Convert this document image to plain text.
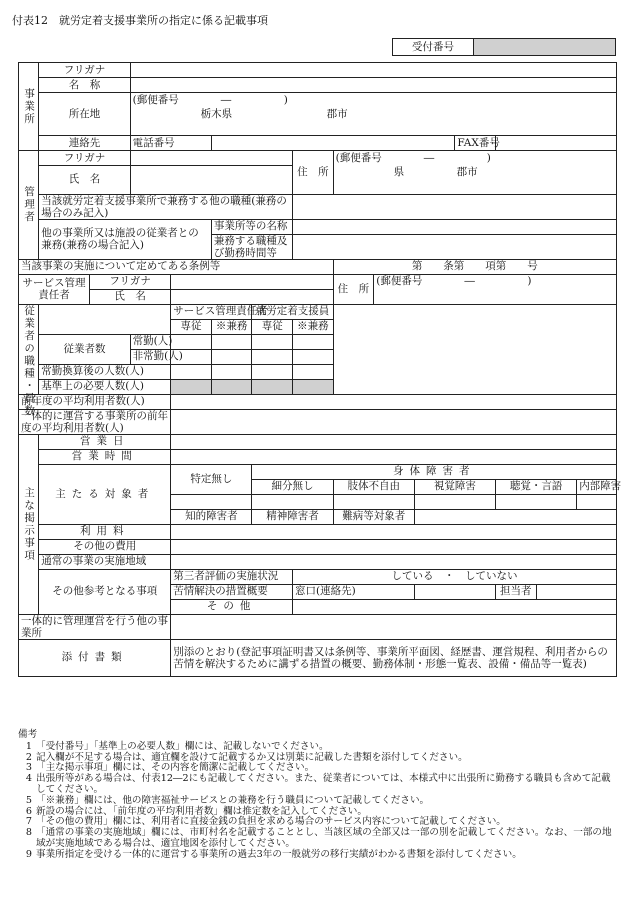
付表12　就労定着支援事業所の指定に係る記載事項
受付番号
事業所	フリガナ													
	名　称													
	所在地		(郵便番号　　　　―　　　　　)											
			栃木県　　　　　　　　　郡市											

	連絡先		電話番号								FAX番号			
管理者	フリガナ						住　所	(郵便番号　　　　―　　　　　)						
	氏　名							県　　　　　郡市						

	当該就労定着支援事業所で兼務する他の職種(兼務の場合のみ記入)													

	他の事業所又は施設の従業者との兼務(兼務の場合記入)				事業所等の名称									
					兼務する職種及び勤務時間等									
当該事業の実施について定めてある条例等								第　　条第　　項第　　号						
サービス管理責任者		フリガナ						住　所	(郵便番号　　　　―　　　　　)					
		氏　名												
従業者の職種・員数				サービス管理責任者		就労定着支援員								
				専従	※兼務	専従	※兼務							
	従業者数		常勤(人)											
			非常勤(人)											
	常勤換算後の人数(人)													
	基準上の必要人数(人)													
前年度の平均利用者数(人)														
一体的に運営する事業所の前年度の平均利用者数(人)														
主な掲示事項	営業日													
	営業時間													
	主たる対象者			特定無し		身体障害者								
						細分無し		肢体不自由		視覚障害		聴覚・言語		内部障害

				知的障害者		精神障害者		難病等対象者						
	利用料													
	その他の費用													
	通常の事業の実施地域													
	その他参考となる事項			第三者評価の実施状況			している　・　していない							
				苦情解決の措置概要			窓口(連絡先)					担当者		
				その他										

一体的に管理運営を行う他の事業所														
添付書類				別添のとおり(登記事項証明書又は条例等、事業所平面図、経歴書、運営規程、利用者からの苦情を解決するために講ずる措置の概要、勤務体制・形態一覧表、設備・備品等一覧表)										
備考
1 「受付番号」「基準上の必要人数」欄には、記載しないでください。
2 記入欄が不足する場合は、適宜欄を設けて記載するか又は別葉に記載した書類を添付してください。
3 「主な掲示事項」欄には、その内容を簡潔に記載してください。
4 出張所等がある場合は、付表12―2にも記載してください。また、従業者については、本様式中に出張所に勤務する職員も含めて記載してください。
5 「※兼務」欄には、他の障害福祉サービスとの兼務を行う職員について記載してください。
6 新設の場合には、「前年度の平均利用者数」欄は推定数を記入してください。
7 「その他の費用」欄には、利用者に直接金銭の負担を求める場合のサービス内容について記載してください。
8 「通常の事業の実施地域」欄には、市町村名を記載することとし、当該区域の全部又は一部の別を記載してください。なお、一部の地域が実施地域である場合は、適宜地図を添付してください。
9 事業所指定を受ける一体的に運営する事業所の過去3年の一般就労の移行実績がわかる書類を添付してください。
